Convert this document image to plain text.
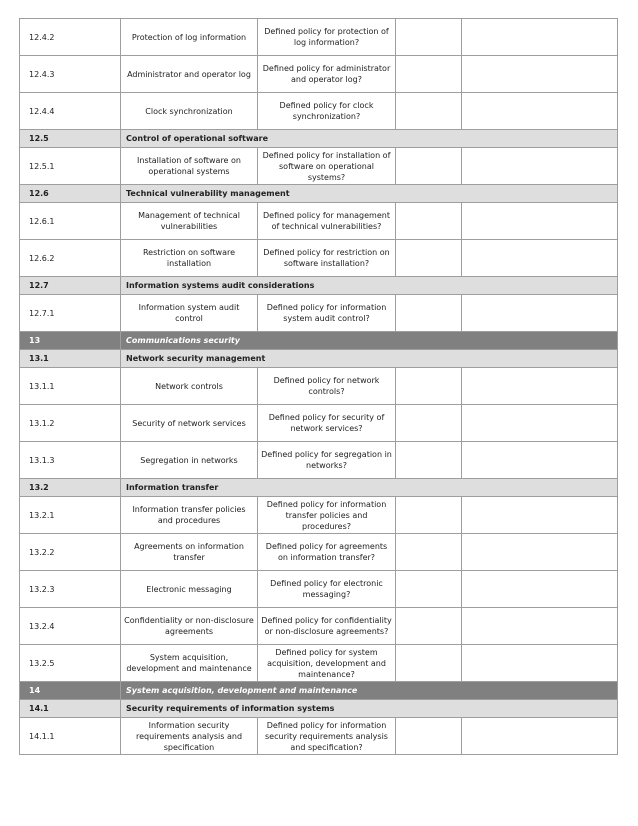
12.4.2	Protection of log information	Defined policy for protection of log information?		
12.4.3	Administrator and operator log	Defined policy for administrator and operator log?		
12.4.4	Clock synchronization	Defined policy for clock synchronization?		
12.5	Control of operational software			
12.5.1	Installation of software on operational systems	Defined policy for installation of software on operational systems?		
12.6	Technical vulnerability management			
12.6.1	Management of technical vulnerabilities	Defined policy for management of technical vulnerabilities?		
12.6.2	Restriction on software installation	Defined policy for restriction on software installation?		
12.7	Information systems audit considerations			
12.7.1	Information system audit control	Defined policy for information system audit control?		
13	Communications security			
13.1	Network security management			
13.1.1	Network controls	Defined policy for network controls?		
13.1.2	Security of network services	Defined policy for security of network services?		
13.1.3	Segregation in networks	Defined policy for segregation in networks?		
13.2	Information transfer			
13.2.1	Information transfer policies and procedures	Defined policy for information transfer policies and procedures?		
13.2.2	Agreements on information transfer	Defined policy for agreements on information transfer?		
13.2.3	Electronic messaging	Defined policy for electronic messaging?		
13.2.4	Confidentiality or non-disclosure agreements	Defined policy for confidentiality or non-disclosure agreements?		
13.2.5	System acquisition, development and maintenance	Defined policy for system acquisition, development and maintenance?		
14	System acquisition, development and maintenance			
14.1	Security requirements of information systems			
14.1.1	Information security requirements analysis and specification	Defined policy for information security requirements analysis and specification?		
